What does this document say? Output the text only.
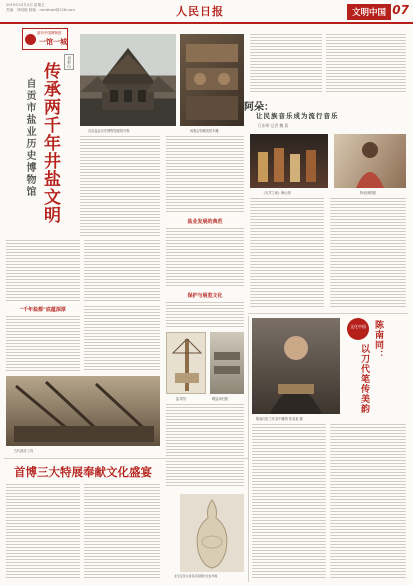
2019年10月4日 星期五
责编：刘明聪 邮箱：rmrbhwb@126.com	人民日报	文明中国 07
游访中国博物馆
一馆一城
传承两千年井盐文明
自贡市盐业历史博物馆
刘泰山
自贡盐业历史博物馆建筑外观	西秦会馆精美的木雕
阿朵：
让民族音乐成为流行音乐
江东明 记者 魏 嘉
《无声之地》舞台照	阿朵演唱照
盐业发展的典范
“千年盐都”底蕴深厚
保护与展览文化
盐井图	晒盐场旧照
古代凿井工具
首博三大特展奉献文化盛宴
北宋定窑白瓷刻花莲瓣纹龙首净瓶
陈南同在工作室中雕刻 张某某 摄
文化中国 陈南同：
以刀代笔传美韵
